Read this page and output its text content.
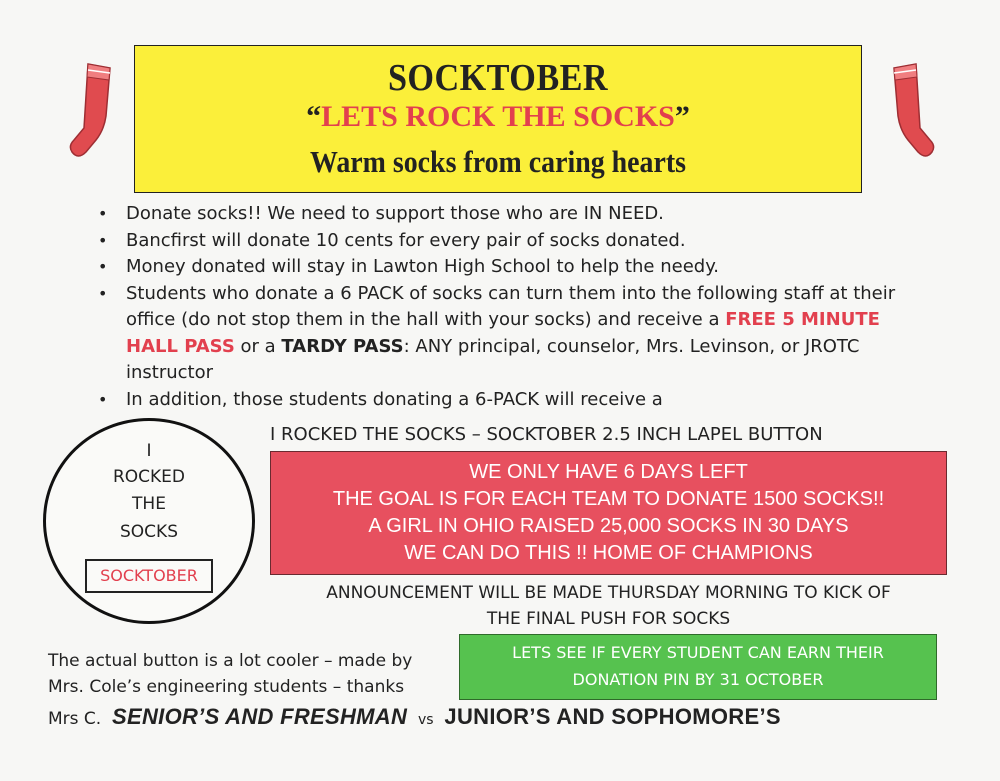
SOCKTOBER
“LETS ROCK THE SOCKS”
Warm socks from caring hearts
• Donate socks!! We need to support those who are IN NEED.
• Bancfirst will donate 10 cents for every pair of socks donated.
• Money donated will stay in Lawton High School to help the needy.
• Students who donate a 6 PACK of socks can turn them into the following staff at their office (do not stop them in the hall with your socks) and receive a FREE 5 MINUTE HALL PASS or a TARDY PASS: ANY principal, counselor, Mrs. Levinson, or JROTC instructor
• In addition, those students donating a 6-PACK will receive a
I ROCKED THE SOCKS – SOCKTOBER 2.5 INCH LAPEL BUTTON
I
ROCKED
THE
SOCKS
SOCKTOBER
WE ONLY HAVE 6 DAYS LEFT
THE GOAL IS FOR EACH TEAM TO DONATE 1500 SOCKS!!
A GIRL IN OHIO RAISED 25,000 SOCKS IN 30 DAYS
WE CAN DO THIS !! HOME OF CHAMPIONS
ANNOUNCEMENT WILL BE MADE THURSDAY MORNING TO KICK OF
THE FINAL PUSH FOR SOCKS
LETS SEE IF EVERY STUDENT CAN EARN THEIR
DONATION PIN BY 31 OCTOBER
The actual button is a lot cooler – made by
Mrs. Cole’s engineering students – thanks
Mrs C. SENIOR’S AND FRESHMAN vs JUNIOR’S AND SOPHOMORE’S
